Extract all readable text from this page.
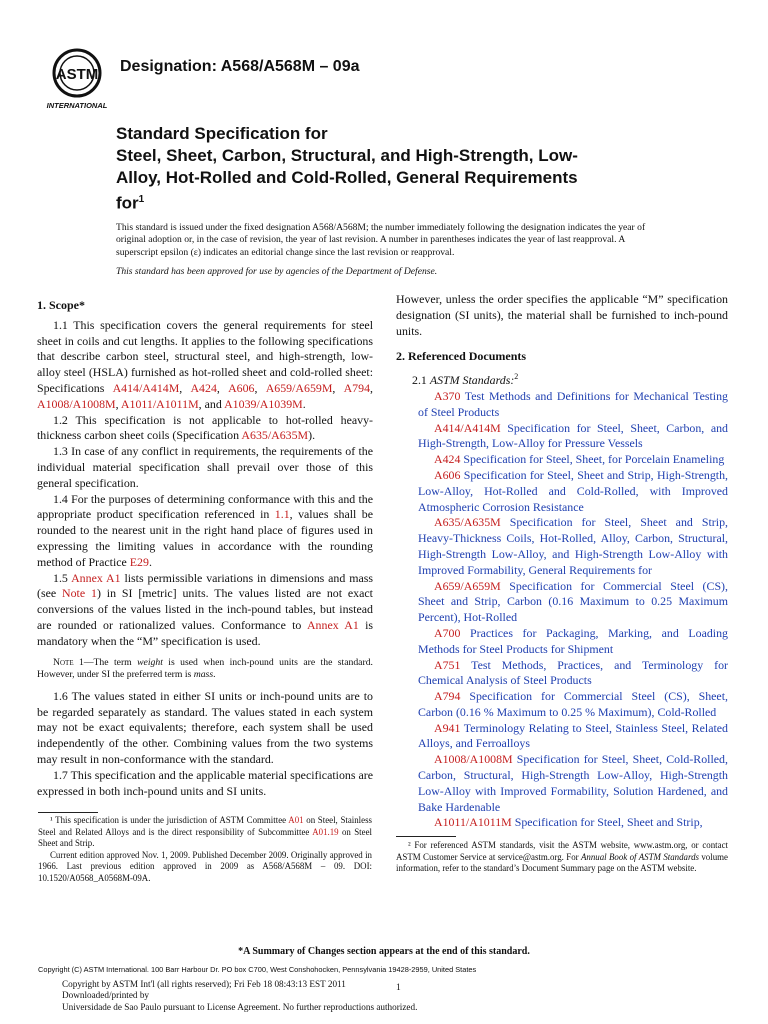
ASTM
INTERNATIONAL
Designation: A568/A568M – 09a
Standard Specification for
Steel, Sheet, Carbon, Structural, and High-Strength, Low-
Alloy, Hot-Rolled and Cold-Rolled, General Requirements
for$^1$
This standard is issued under the fixed designation A568/A568M; the number immediately following the designation indicates the year of original adoption or, in the case of revision, the year of last revision. A number in parentheses indicates the year of last reapproval. A superscript epsilon (ε) indicates an editorial change since the last revision or reapproval.
This standard has been approved for use by agencies of the Department of Defense.
1. Scope*

1.1 This specification covers the general requirements for steel sheet in coils and cut lengths. It applies to the following specifications that describe carbon steel, structural steel, and high-strength, low-alloy steel (HSLA) furnished as hot-rolled sheet and cold-rolled sheet: Specifications A414/A414M, A424, A606, A659/A659M, A794, A1008/A1008M, A1011/A1011M, and A1039/A1039M.

1.2 This specification is not applicable to hot-rolled heavy-thickness carbon sheet coils (Specification A635/A635M).

1.3 In case of any conflict in requirements, the requirements of the individual material specification shall prevail over those of this general specification.

1.4 For the purposes of determining conformance with this and the appropriate product specification referenced in 1.1, values shall be rounded to the nearest unit in the right hand place of figures used in expressing the limiting values in accordance with the rounding method of Practice E29.

1.5 Annex A1 lists permissible variations in dimensions and mass (see Note 1) in SI [metric] units. The values listed are not exact conversions of the values listed in the inch-pound tables, but instead are rounded or rationalized values. Conformance to Annex A1 is mandatory when the “M” specification is used.

Note 1—The term weight is used when inch-pound units are the standard. However, under SI the preferred term is mass.

1.6 The values stated in either SI units or inch-pound units are to be regarded separately as standard. The values stated in each system may not be exact equivalents; therefore, each system shall be used independently of the other. Combining values from the two systems may result in non-conformance with the standard.

1.7 This specification and the applicable material specifications are expressed in both inch-pound units and SI units.

However, unless the order specifies the applicable “M” specification designation (SI units), the material shall be furnished to inch-pound units.

2. Referenced Documents

2.1 ASTM Standards:$^2$

A370 Test Methods and Definitions for Mechanical Testing of Steel Products

A414/A414M Specification for Steel, Sheet, Carbon, and High-Strength, Low-Alloy for Pressure Vessels

A424 Specification for Steel, Sheet, for Porcelain Enameling

A606 Specification for Steel, Sheet and Strip, High-Strength, Low-Alloy, Hot-Rolled and Cold-Rolled, with Improved Atmospheric Corrosion Resistance

A635/A635M Specification for Steel, Sheet and Strip, Heavy-Thickness Coils, Hot-Rolled, Alloy, Carbon, Structural, High-Strength Low-Alloy, and High-Strength Low-Alloy with Improved Formability, General Requirements for

A659/A659M Specification for Commercial Steel (CS), Sheet and Strip, Carbon (0.16 Maximum to 0.25 Maximum Percent), Hot-Rolled

A700 Practices for Packaging, Marking, and Loading Methods for Steel Products for Shipment

A751 Test Methods, Practices, and Terminology for Chemical Analysis of Steel Products

A794 Specification for Commercial Steel (CS), Sheet, Carbon (0.16 % Maximum to 0.25 % Maximum), Cold-Rolled

A941 Terminology Relating to Steel, Stainless Steel, Related Alloys, and Ferroalloys

A1008/A1008M Specification for Steel, Sheet, Cold-Rolled, Carbon, Structural, High-Strength Low-Alloy, High-Strength Low-Alloy with Improved Formability, Solution Hardened, and Bake Hardenable

A1011/A1011M Specification for Steel, Sheet and Strip,

¹ This specification is under the jurisdiction of ASTM Committee A01 on Steel, Stainless Steel and Related Alloys and is the direct responsibility of Subcommittee A01.19 on Steel Sheet and Strip.

Current edition approved Nov. 1, 2009. Published December 2009. Originally approved in 1966. Last previous edition approved in 2009 as A568/A568M – 09. DOI: 10.1520/A0568_A0568M-09A.

² For referenced ASTM standards, visit the ASTM website, www.astm.org, or contact ASTM Customer Service at service@astm.org. For Annual Book of ASTM Standards volume information, refer to the standard’s Document Summary page on the ASTM website.

*A Summary of Changes section appears at the end of this standard.
Copyright (C) ASTM International. 100 Barr Harbour Dr. PO box C700, West Conshohocken, Pennsylvania 19428-2959, United States
Copyright by ASTM Int'l (all rights reserved); Fri Feb 18 08:43:13 EST 2011
Downloaded/printed by
Universidade de Sao Paulo pursuant to License Agreement. No further reproductions authorized.
1
